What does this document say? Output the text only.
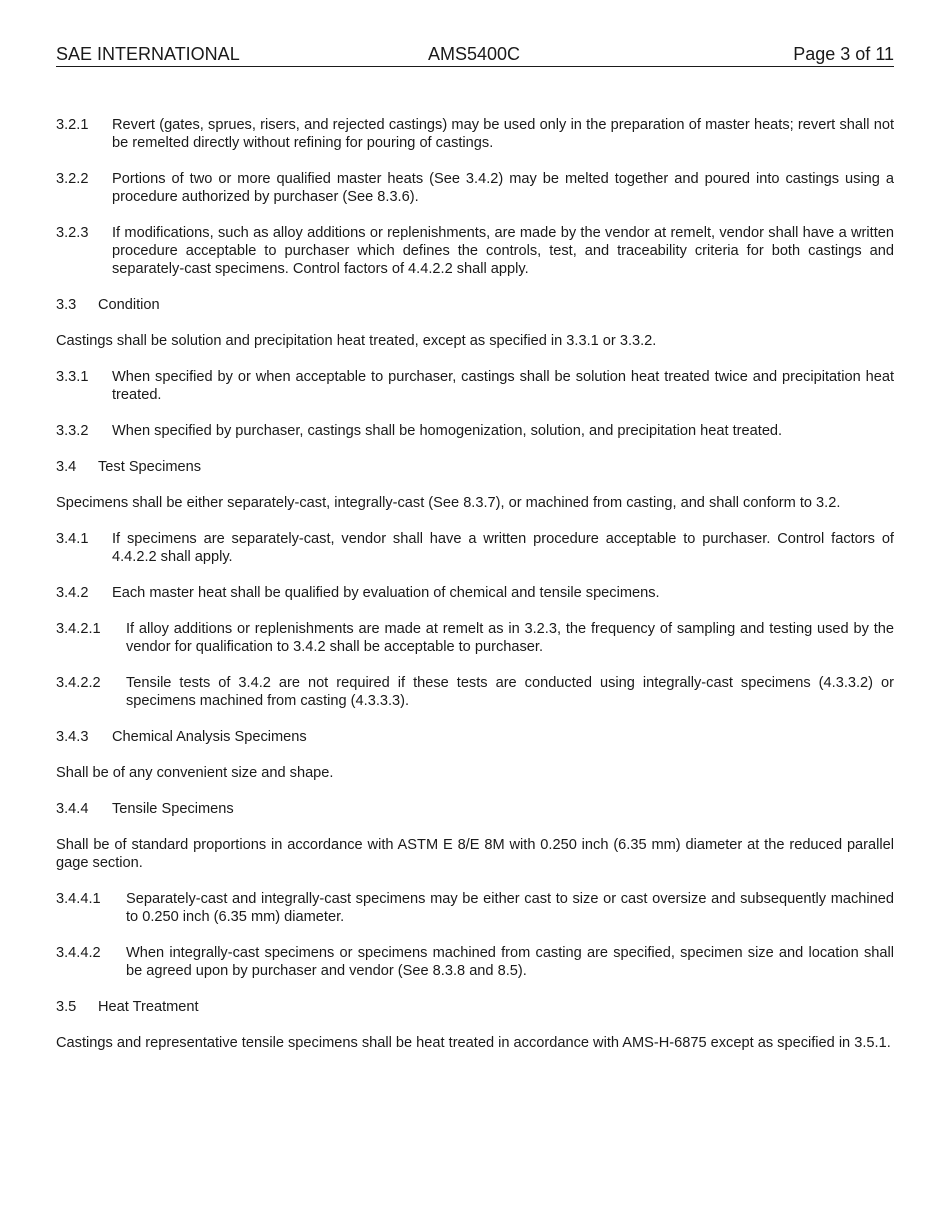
SAE INTERNATIONAL	AMS5400C	Page 3 of 11
3.2.1	Revert (gates, sprues, risers, and rejected castings) may be used only in the preparation of master heats; revert shall not be remelted directly without refining for pouring of castings.
3.2.2	Portions of two or more qualified master heats (See 3.4.2) may be melted together and poured into castings using a procedure authorized by purchaser (See 8.3.6).
3.2.3	If modifications, such as alloy additions or replenishments, are made by the vendor at remelt, vendor shall have a written procedure acceptable to purchaser which defines the controls, test, and traceability criteria for both castings and separately-cast specimens. Control factors of 4.4.2.2 shall apply.
3.3 Condition
Castings shall be solution and precipitation heat treated, except as specified in 3.3.1 or 3.3.2.
3.3.1	When specified by or when acceptable to purchaser, castings shall be solution heat treated twice and precipitation heat treated.
3.3.2	When specified by purchaser, castings shall be homogenization, solution, and precipitation heat treated.
3.4 Test Specimens
Specimens shall be either separately-cast, integrally-cast (See 8.3.7), or machined from casting, and shall conform to 3.2.
3.4.1	If specimens are separately-cast, vendor shall have a written procedure acceptable to purchaser. Control factors of 4.4.2.2 shall apply.
3.4.2	Each master heat shall be qualified by evaluation of chemical and tensile specimens.
3.4.2.1	If alloy additions or replenishments are made at remelt as in 3.2.3, the frequency of sampling and testing used by the vendor for qualification to 3.4.2 shall be acceptable to purchaser.
3.4.2.2	Tensile tests of 3.4.2 are not required if these tests are conducted using integrally-cast specimens (4.3.3.2) or specimens machined from casting (4.3.3.3).
3.4.3 Chemical Analysis Specimens
Shall be of any convenient size and shape.
3.4.4 Tensile Specimens
Shall be of standard proportions in accordance with ASTM E 8/E 8M with 0.250 inch (6.35 mm) diameter at the reduced parallel gage section.
3.4.4.1	Separately-cast and integrally-cast specimens may be either cast to size or cast oversize and subsequently machined to 0.250 inch (6.35 mm) diameter.
3.4.4.2	When integrally-cast specimens or specimens machined from casting are specified, specimen size and location shall be agreed upon by purchaser and vendor (See 8.3.8 and 8.5).
3.5 Heat Treatment
Castings and representative tensile specimens shall be heat treated in accordance with AMS-H-6875 except as specified in 3.5.1.
